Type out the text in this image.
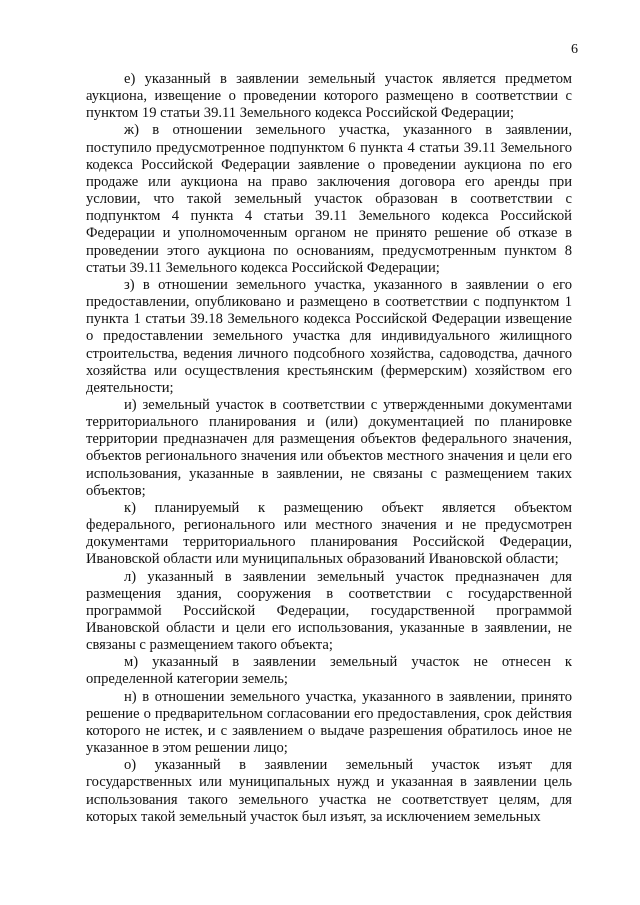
6

е) указанный в заявлении земельный участок является предметом аукциона, извещение о проведении которого размещено в соответствии с пунктом 19 статьи 39.11 Земельного кодекса Российской Федерации;

ж) в отношении земельного участка, указанного в заявлении, поступило предусмотренное подпунктом 6 пункта 4 статьи 39.11 Земельного кодекса Российской Федерации заявление о проведении аукциона по его продаже или аукциона на право заключения договора его аренды при условии, что такой земельный участок образован в соответствии с подпунктом 4 пункта 4 статьи 39.11 Земельного кодекса Российской Федерации и уполномоченным органом не принято решение об отказе в проведении этого аукциона по основаниям, предусмотренным пунктом 8 статьи 39.11 Земельного кодекса Российской Федерации;

з) в отношении земельного участка, указанного в заявлении о его предоставлении, опубликовано и размещено в соответствии с подпунктом 1 пункта 1 статьи 39.18 Земельного кодекса Российской Федерации извещение о предоставлении земельного участка для индивидуального жилищного строительства, ведения личного подсобного хозяйства, садоводства, дачного хозяйства или осуществления крестьянским (фермерским) хозяйством его деятельности;

и) земельный участок в соответствии с утвержденными документами территориального планирования и (или) документацией по планировке территории предназначен для размещения объектов федерального значения, объектов регионального значения или объектов местного значения и цели его использования, указанные в заявлении, не связаны с размещением таких объектов;

к) планируемый к размещению объект является объектом федерального, регионального или местного значения и не предусмотрен документами территориального планирования Российской Федерации, Ивановской области или муниципальных образований Ивановской области;

л) указанный в заявлении земельный участок предназначен для размещения здания, сооружения в соответствии с государственной программой Российской Федерации, государственной программой Ивановской области и цели его использования, указанные в заявлении, не связаны с размещением такого объекта;

м) указанный в заявлении земельный участок не отнесен к определенной категории земель;

н) в отношении земельного участка, указанного в заявлении, принято решение о предварительном согласовании его предоставления, срок действия которого не истек, и с заявлением о выдаче разрешения обратилось иное не указанное в этом решении лицо;

о) указанный в заявлении земельный участок изъят для государственных или муниципальных нужд и указанная в заявлении цель использования такого земельного участка не соответствует целям, для которых такой земельный участок был изъят, за исключением земельных
